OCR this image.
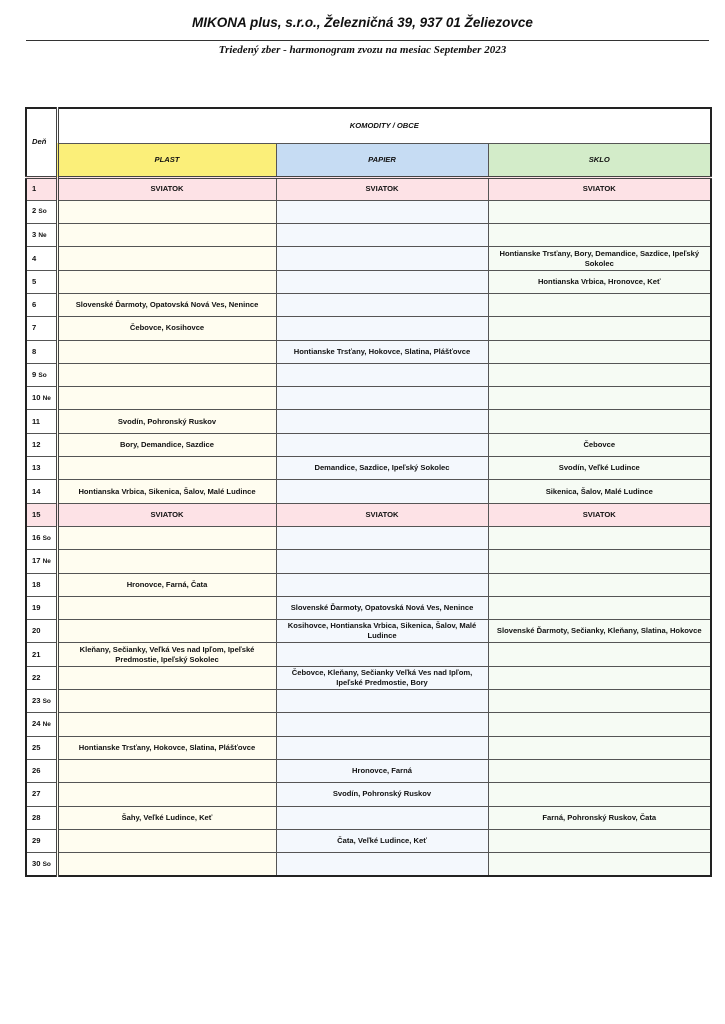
MIKONA plus, s.r.o., Železničná 39, 937 01 Želiezovce
Triedený zber - harmonogram zvozu na mesiac September 2023
Deň	KOMODITY / OBCE		
	PLAST	PAPIER	SKLO
1	SVIATOK	SVIATOK	SVIATOK
2 So			
3 Ne			
4			Hontianske Trsťany, Bory, Demandice, Sazdice, Ipeľský Sokolec
5			Hontianska Vrbica, Hronovce, Keť
6	Slovenské Ďarmoty, Opatovská Nová Ves, Nenince		
7	Čebovce, Kosihovce		
8		Hontianske Trsťany, Hokovce, Slatina, Plášťovce	
9 So			
10 Ne			
11	Svodín, Pohronský Ruskov		
12	Bory, Demandice, Sazdice		Čebovce
13		Demandice, Sazdice, Ipeľský Sokolec	Svodín, Veľké Ludince
14	Hontianska Vrbica, Sikenica, Šalov, Malé Ludince		Sikenica, Šalov, Malé Ludince
15	SVIATOK	SVIATOK	SVIATOK
16 So			
17 Ne			
18	Hronovce, Farná, Čata		
19		Slovenské Ďarmoty, Opatovská Nová Ves, Nenince	
20		Kosihovce, Hontianska Vrbica, Sikenica, Šalov, Malé Ludince	Slovenské Ďarmoty, Sečianky, Kleňany, Slatina, Hokovce
21	Kleňany, Sečianky, Veľká Ves nad Ipľom, Ipeľské Predmostie, Ipeľský Sokolec		
22		Čebovce, Kleňany, Sečianky Veľká Ves nad Ipľom, Ipeľské Predmostie, Bory	
23 So			
24 Ne			
25	Hontianske Trsťany, Hokovce, Slatina, Plášťovce		
26		Hronovce, Farná	
27		Svodín, Pohronský Ruskov	
28	Šahy, Veľké Ludince, Keť		Farná, Pohronský Ruskov, Čata
29		Čata, Veľké Ludince, Keť	
30 So			
